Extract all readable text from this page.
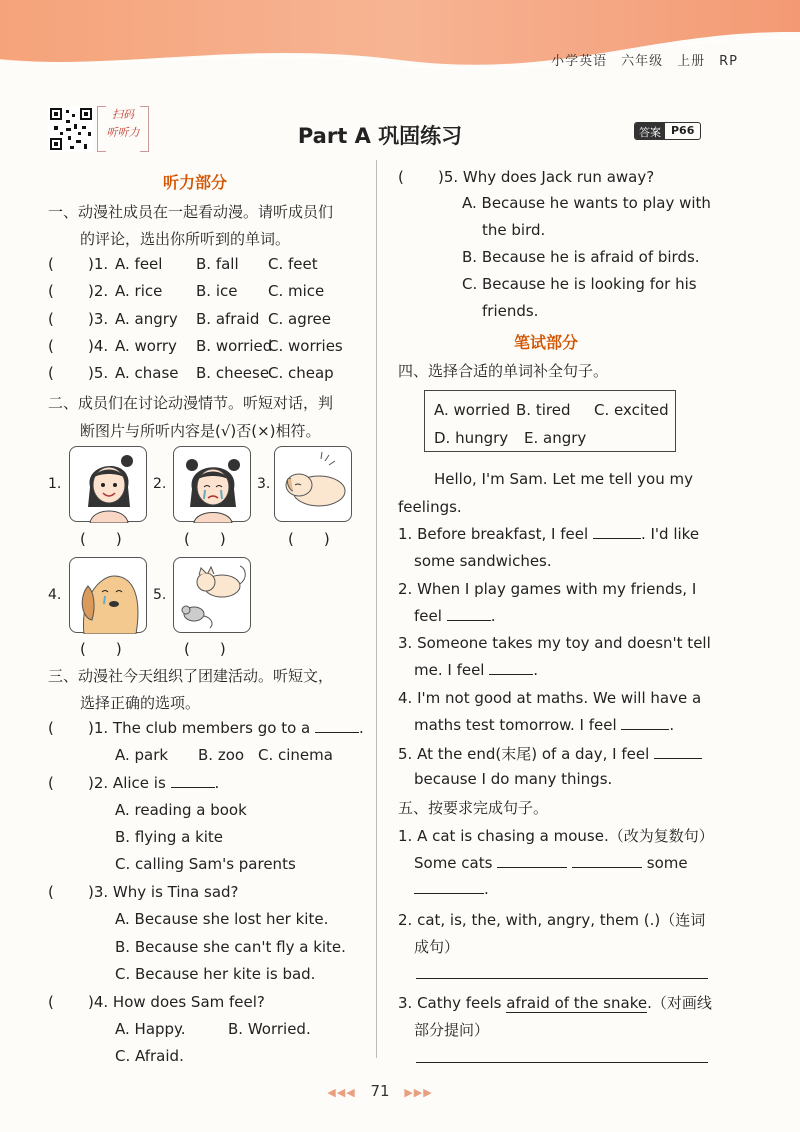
小学英语　六年级　上册　RP
扫码
听听力	Part A 巩固练习	答案 P66
听力部分
一、动漫社成员在一起看动漫。请听成员们
的评论，选出你所听到的单词。
( )1. A. feel B. fall C. feet
( )2. A. rice B. ice C. mice
( )3. A. angry B. afraid C. agree
( )4. A. worry B. worried
C. worries
( )5. A. chase B. cheese
C. cheap
二、成员们在讨论动漫情节。听短对话，判
断图片与所听内容是(√)否(×)相符。
1.
(　　)
2.
(　　)
3.
(　　)
4.
(　　)
5.
(　　)
三、动漫社今天组织了团建活动。听短文，
选择正确的选项。
( )1. The club members go to a	.
A. park B. zoo C. cinema
( )2. Alice is	.
A. reading a book
B. flying a kite
C. calling Sam's parents
( )3. Why is Tina sad?
A. Because she lost her kite.
B. Because she can't fly a kite.
C. Because her kite is bad.
( )4. How does Sam feel?
A. Happy.	B. Worried.
C. Afraid.
( )5. Why does Jack run away?
A. Because he wants to play with
the bird.
B. Because he is afraid of birds.
C. Because he is looking for his
friends.
笔试部分
四、选择合适的单词补全句子。
A. worried B. tired C. excited
D. hungry E. angry
Hello, I'm Sam. Let me tell you my
feelings.
1. Before breakfast, I feel	. I'd like
some sandwiches.
2. When I play games with my friends, I
feel	.
3. Someone takes my toy and doesn't tell
me. I feel	.
4. I'm not good at maths. We will have a
maths test tomorrow. I feel	.
5. At the end(末尾) of a day, I feel
because I do many things.
五、按要求完成句子。
1. A cat is chasing a mouse.（改为复数句）
Some cats	some
.
2. cat, is, the, with, angry, them (.)（连词
成句）
3. Cathy feels afraid of the snake.（对画线
部分提问）
◀◀◀ 71 ▶▶▶
